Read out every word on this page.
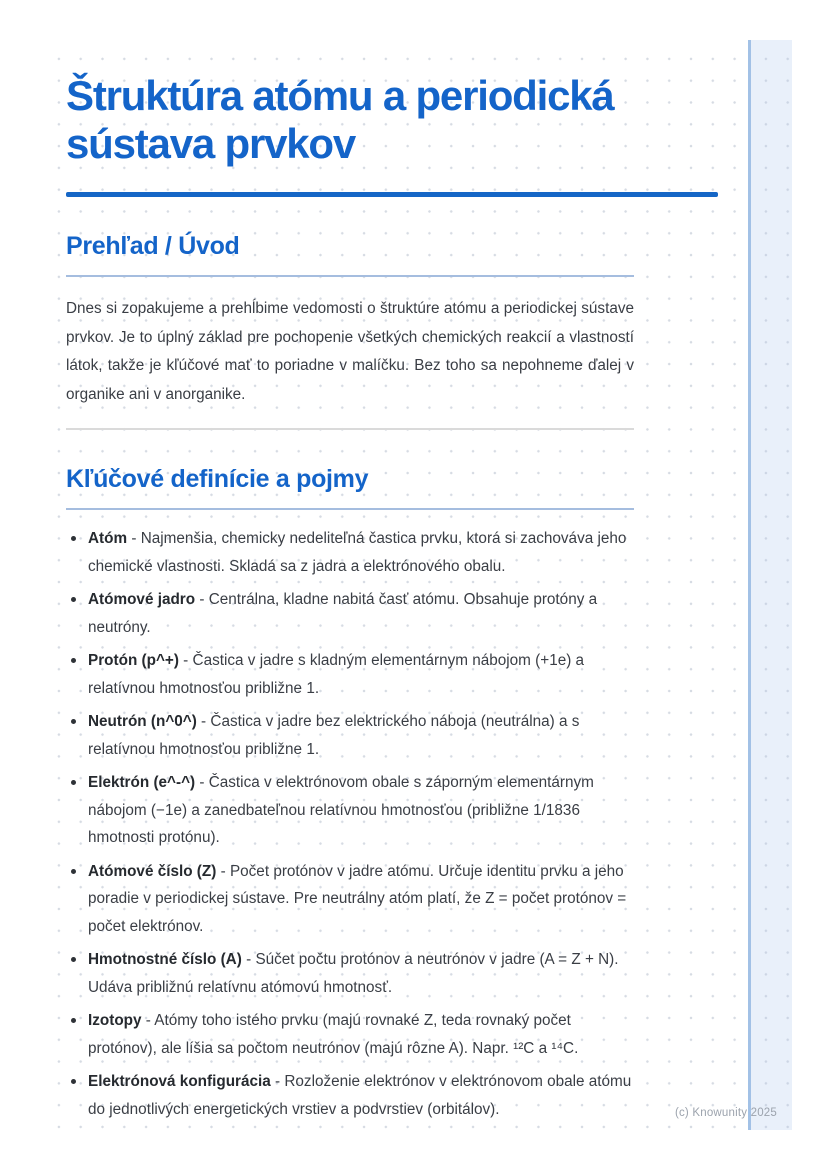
Štruktúra atómu a periodická sústava prvkov
Prehľad / Úvod

Dnes si zopakujeme a prehĺbime vedomosti o štruktúre atómu a periodickej sústave prvkov. Je to úplný základ pre pochopenie všetkých chemických reakcií a vlastností látok, takže je kľúčové mať to poriadne v malíčku. Bez toho sa nepohneme ďalej v organike ani v anorganike.

Kľúčové definície a pojmy
Atóm - Najmenšia, chemicky nedeliteľná častica prvku, ktorá si zachováva jeho chemické vlastnosti. Skladá sa z jadra a elektrónového obalu.
Atómové jadro - Centrálna, kladne nabitá časť atómu. Obsahuje protóny a neutróny.
Protón (p^+) - Častica v jadre s kladným elementárnym nábojom (+1e) a relatívnou hmotnosťou približne 1.
Neutrón (n^0^) - Častica v jadre bez elektrického náboja (neutrálna) a s relatívnou hmotnosťou približne 1.
Elektrón (e^-^) - Častica v elektrónovom obale s záporným elementárnym nábojom (−1e) a zanedbateľnou relatívnou hmotnosťou (približne 1/1836 hmotnosti protónu).
Atómové číslo (Z) - Počet protónov v jadre atómu. Určuje identitu prvku a jeho poradie v periodickej sústave. Pre neutrálny atóm platí, že Z = počet protónov = počet elektrónov.
Hmotnostné číslo (A) - Súčet počtu protónov a neutrónov v jadre (A = Z + N). Udáva približnú relatívnu atómovú hmotnosť.
Izotopy - Atómy toho istého prvku (majú rovnaké Z, teda rovnaký počet protónov), ale líšia sa počtom neutrónov (majú rôzne A). Napr. ¹²C a ¹⁴C.
Elektrónová konfigurácia - Rozloženie elektrónov v elektrónovom obale atómu do jednotlivých energetických vrstiev a podvrstiev (orbitálov).	(c) Knowunity 2025
